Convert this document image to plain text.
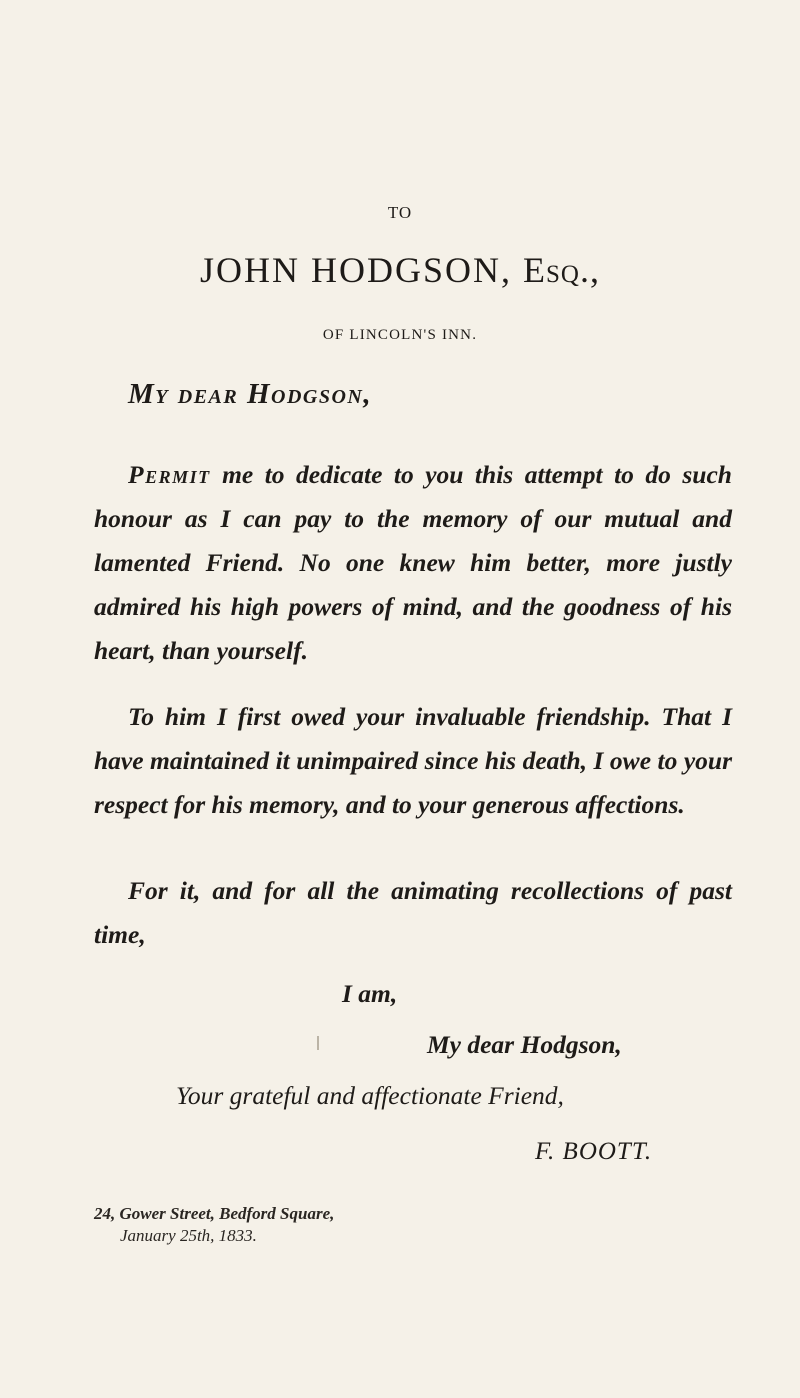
TO
JOHN HODGSON, Esq.,
OF LINCOLN'S INN.
My dear Hodgson,
Permit me to dedicate to you this attempt to do such honour as I can pay to the memory of our mutual and lamented Friend. No one knew him better, more justly admired his high powers of mind, and the goodness of his heart, than yourself.
To him I first owed your invaluable friendship. That I have maintained it unimpaired since his death, I owe to your respect for his memory, and to your generous affections.
For it, and for all the animating recollections of past time,
I am,
My dear Hodgson,
Your grateful and affectionate Friend,
F. BOOTT.
24, Gower Street, Bedford Square,
January 25th, 1833.
